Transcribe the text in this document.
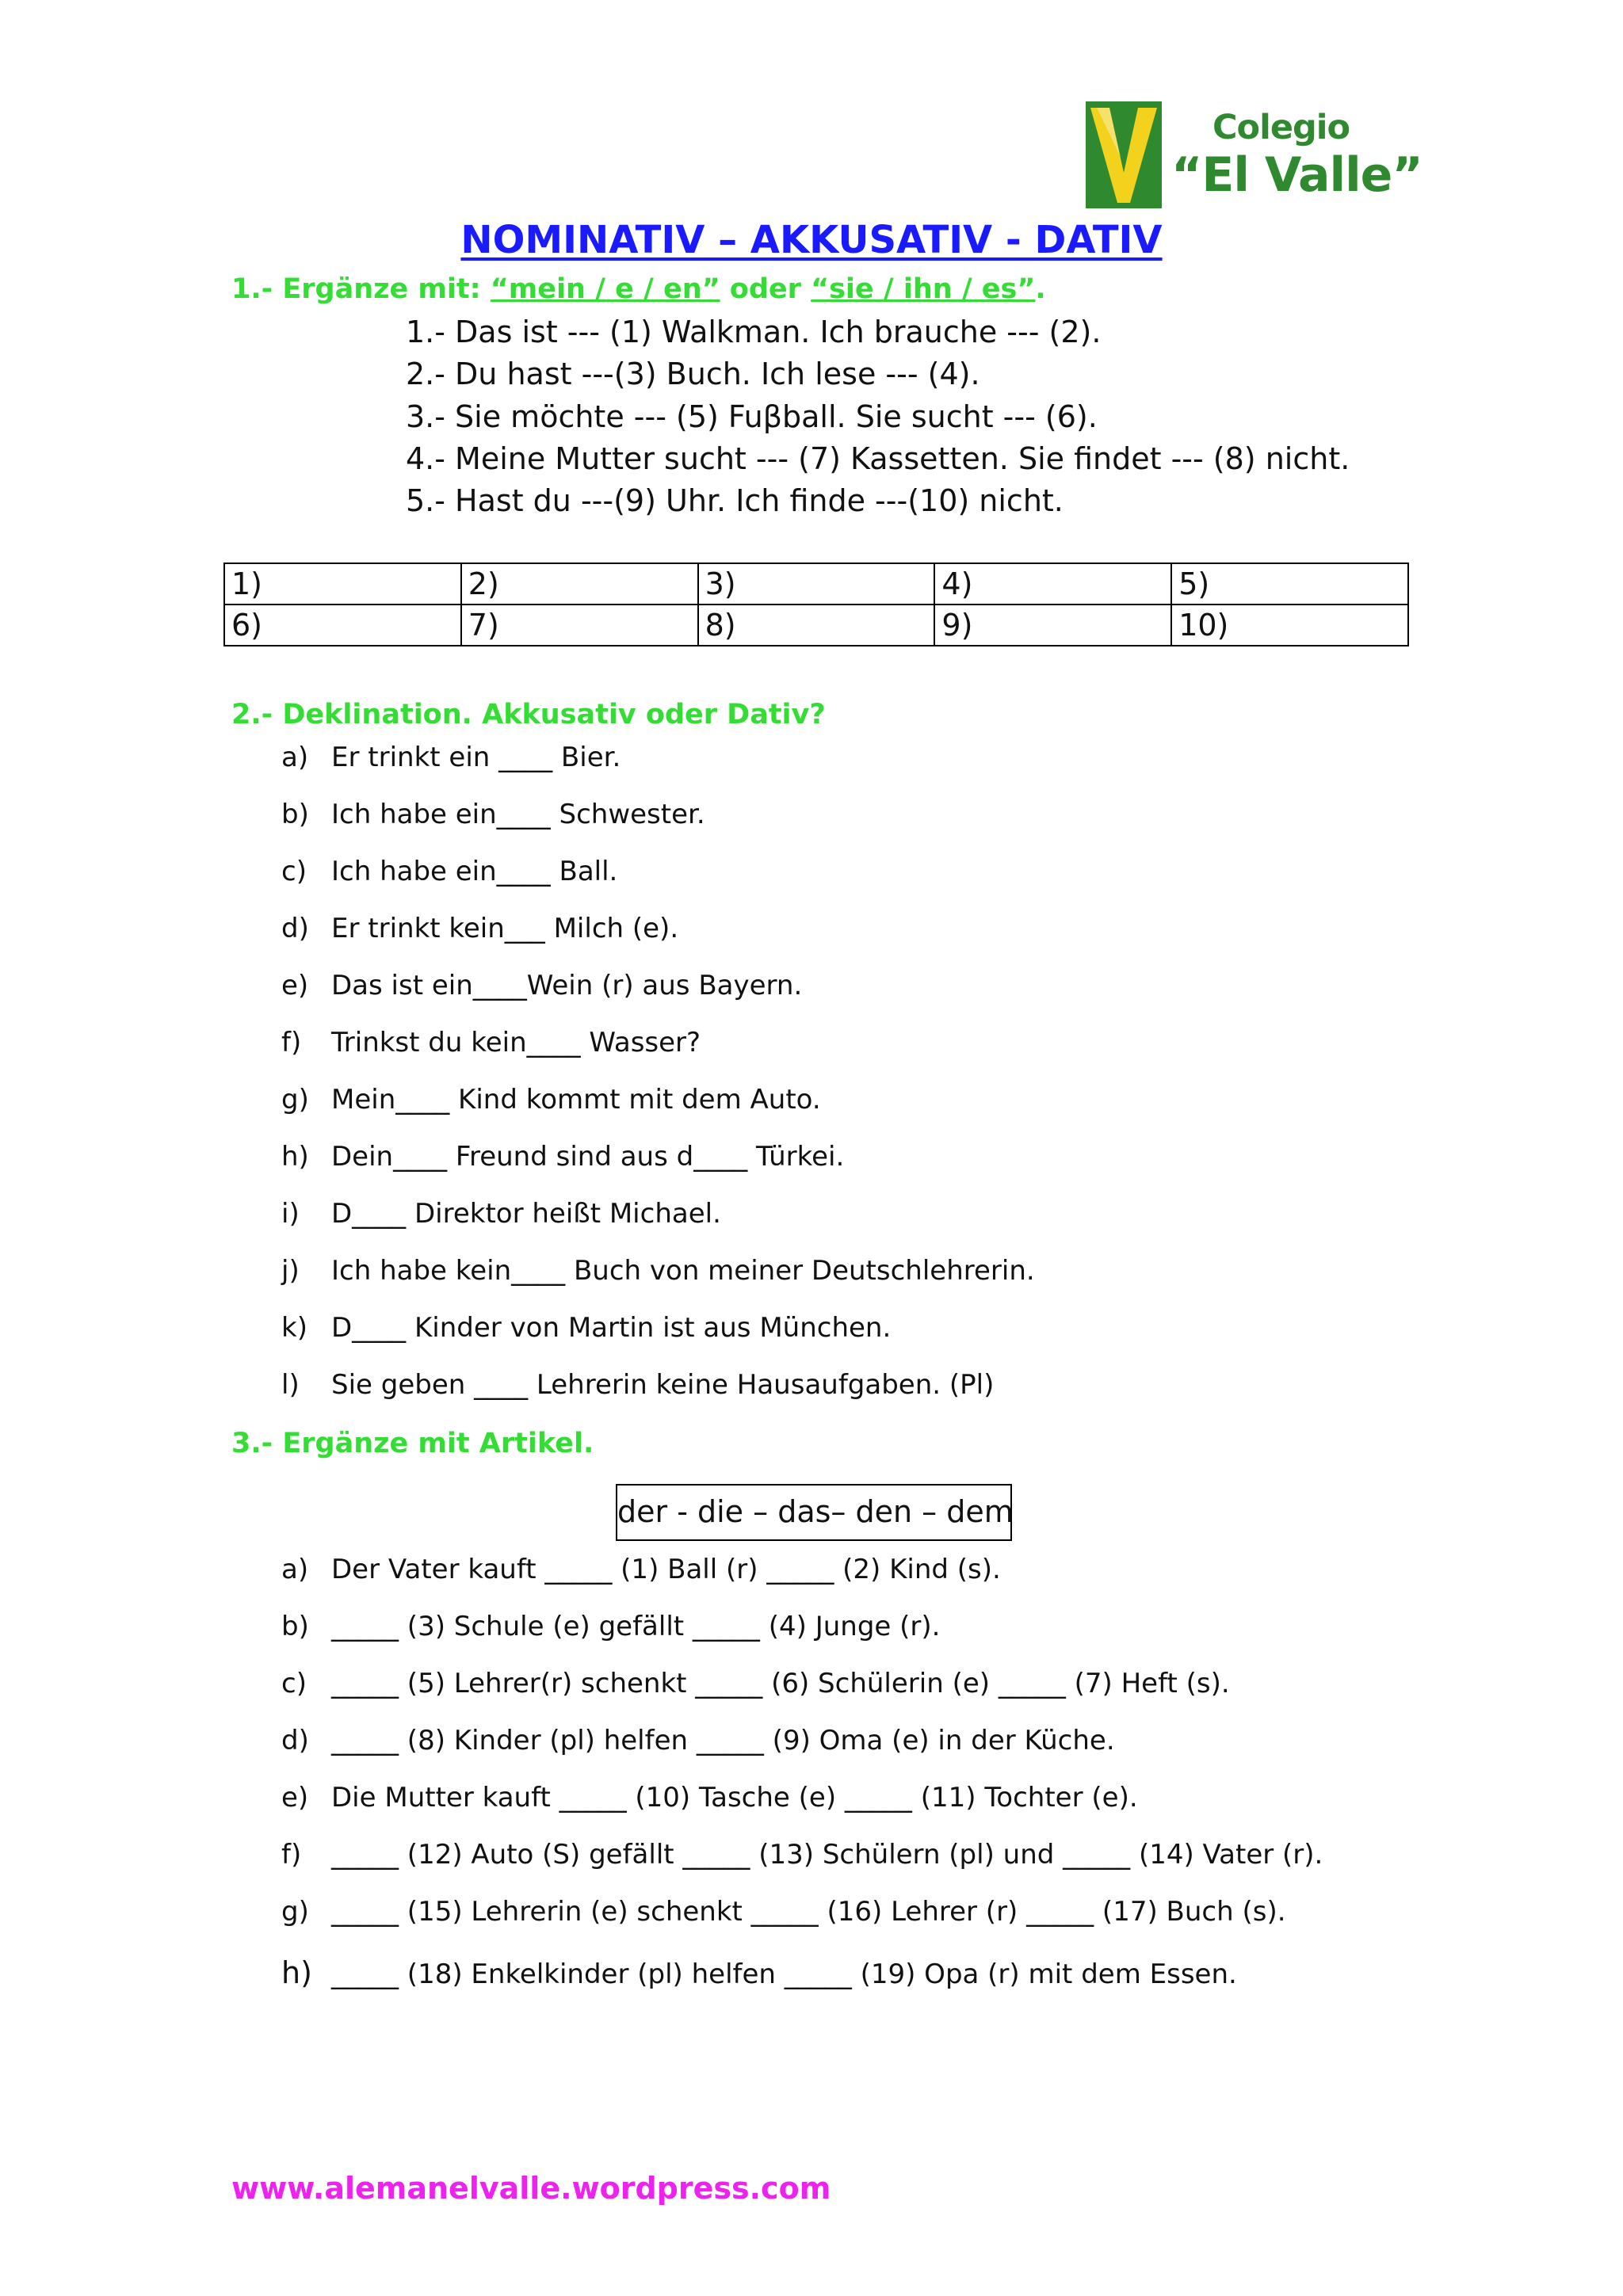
Colegio
“El Valle”
NOMINATIV – AKKUSATIV - DATIV
1.- Ergänze mit: “mein / e / en” oder “sie / ihn / es”.
1.- Das ist --- (1) Walkman. Ich brauche --- (2).
2.- Du hast ---(3) Buch. Ich lese --- (4).
3.- Sie möchte --- (5) Fuβball. Sie sucht --- (6).
4.- Meine Mutter sucht --- (7) Kassetten. Sie findet --- (8) nicht.
5.- Hast du ---(9) Uhr. Ich finde ---(10) nicht.
1)	2)	3)	4)	5)
6)	7)	8)	9)	10)
2.- Deklination. Akkusativ oder Dativ?
a) Er trinkt ein ____ Bier.
b) Ich habe ein____ Schwester.
c) Ich habe ein____ Ball.
d) Er trinkt kein___ Milch (e).
e) Das ist ein____Wein (r) aus Bayern.
f) Trinkst du kein____ Wasser?
g) Mein____ Kind kommt mit dem Auto.
h) Dein____ Freund sind aus d____ Türkei.
i) D____ Direktor heißt Michael.
j) Ich habe kein____ Buch von meiner Deutschlehrerin.
k) D____ Kinder von Martin ist aus München.
l) Sie geben ____ Lehrerin keine Hausaufgaben. (Pl)
3.- Ergänze mit Artikel.
der - die – das– den – dem
a) Der Vater kauft _____ (1) Ball (r) _____ (2) Kind (s).
b) _____ (3) Schule (e) gefällt _____ (4) Junge (r).
c) _____ (5) Lehrer(r) schenkt _____ (6) Schülerin (e) _____ (7) Heft (s).
d) _____ (8) Kinder (pl) helfen _____ (9) Oma (e) in der Küche.
e) Die Mutter kauft _____ (10) Tasche (e) _____ (11) Tochter (e).
f) _____ (12) Auto (S) gefällt _____ (13) Schülern (pl) und _____ (14) Vater (r).
g) _____ (15) Lehrerin (e) schenkt _____ (16) Lehrer (r) _____ (17) Buch (s).
h) _____ (18) Enkelkinder (pl) helfen _____ (19) Opa (r) mit dem Essen.
www.alemanelvalle.wordpress.com
